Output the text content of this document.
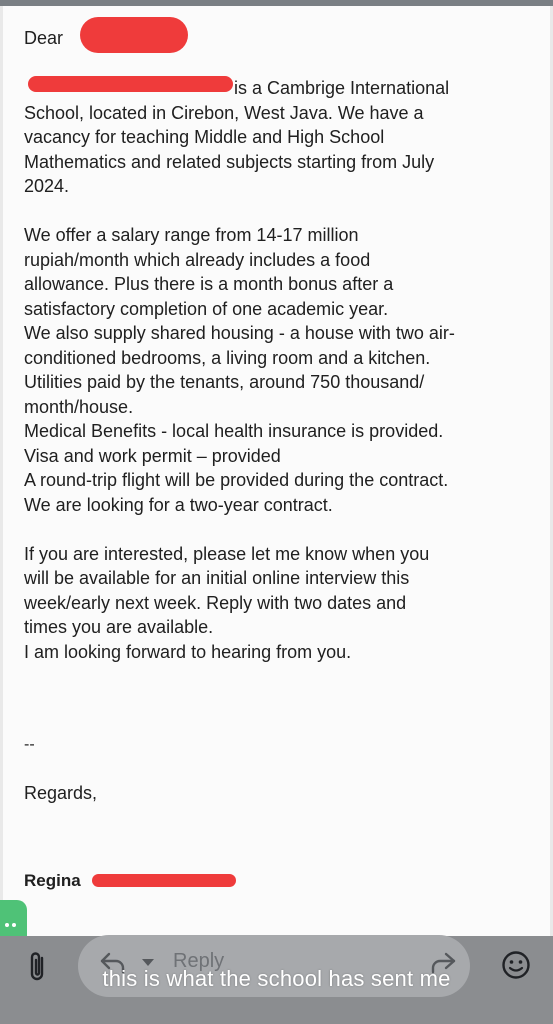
Dear

is a Cambrige International
School, located in Cirebon, West Java. We have a
vacancy for teaching Middle and High School
Mathematics and related subjects starting from July
2024.

We offer a salary range from 14-17 million
rupiah/month which already includes a food
allowance. Plus there is a month bonus after a
satisfactory completion of one academic year.
We also supply shared housing - a house with two air-
conditioned bedrooms, a living room and a kitchen.
Utilities paid by the tenants, around 750 thousand/
month/house.
Medical Benefits - local health insurance is provided.
Visa and work permit – provided
A round-trip flight will be provided during the contract.
We are looking for a two-year contract.

If you are interested, please let me know when you
will be available for an initial online interview this
week/early next week. Reply with two dates and
times you are available.
I am looking forward to hearing from you.

--
Regards,
Regina
Reply
this is what the school has sent me
